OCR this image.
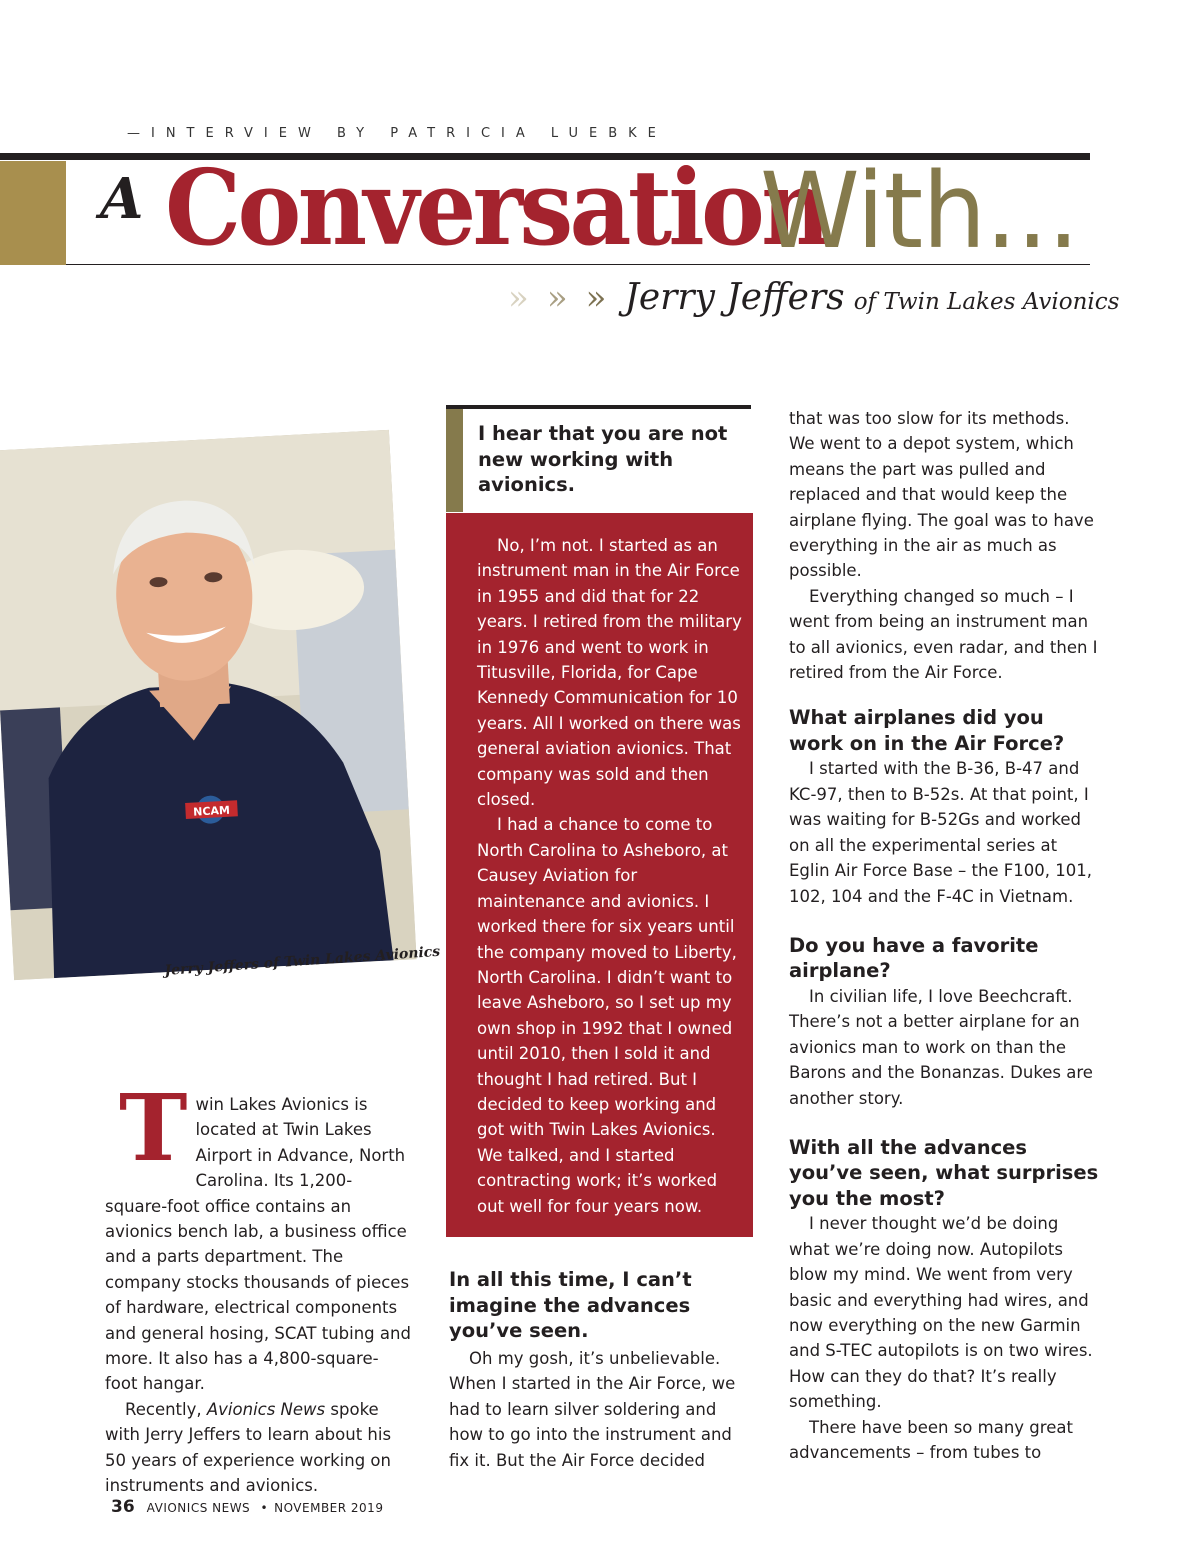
—INTERVIEW BY PATRICIA LUEBKE
A Conversation
With...
» » » Jerry Jeffers of Twin Lakes Avionics
NCAM
Jerry Jeffers of Twin Lakes Avionics

Twin Lakes Avionics is located at Twin Lakes Airport in Advance, North Carolina. Its 1,200-square-foot office contains an avionics bench lab, a business office and a parts department. The company stocks thousands of pieces of hardware, electrical components and general hosing, SCAT tubing and more. It also has a 4,800-square-foot hangar.

Recently, Avionics News spoke with Jerry Jeffers to learn about his 50 years of experience working on instruments and avionics.

I hear that you are not new working with avionics.

No, I’m not. I started as an instrument man in the Air Force in 1955 and did that for 22 years. I retired from the military in 1976 and went to work in Titusville, Florida, for Cape Kennedy Communication for 10 years. All I worked on there was general aviation avionics. That company was sold and then closed.

I had a chance to come to North Carolina to Asheboro, at Causey Aviation for maintenance and avionics. I worked there for six years until the company moved to Liberty, North Carolina. I didn’t want to leave Asheboro, so I set up my own shop in 1992 that I owned until 2010, then I sold it and thought I had retired. But I decided to keep working and got with Twin Lakes Avionics. We talked, and I started contracting work; it’s worked out well for four years now.

In all this time, I can’t imagine the advances you’ve seen.

Oh my gosh, it’s unbelievable. When I started in the Air Force, we had to learn silver soldering and how to go into the instrument and fix it. But the Air Force decided

that was too slow for its methods. We went to a depot system, which means the part was pulled and replaced and that would keep the airplane flying. The goal was to have everything in the air as much as possible.

Everything changed so much – I went from being an instrument man to all avionics, even radar, and then I retired from the Air Force.

What airplanes did you work on in the Air Force?

I started with the B-36, B-47 and KC-97, then to B-52s. At that point, I was waiting for B-52Gs and worked on all the experimental series at Eglin Air Force Base – the F100, 101, 102, 104 and the F-4C in Vietnam.

Do you have a favorite airplane?

In civilian life, I love Beechcraft. There’s not a better airplane for an avionics man to work on than the Barons and the Bonanzas. Dukes are another story.

With all the advances you’ve seen, what surprises you the most?

I never thought we’d be doing what we’re doing now. Autopilots blow my mind. We went from very basic and everything had wires, and now everything on the new Garmin and S-TEC autopilots is on two wires. How can they do that? It’s really something.

There have been so many great advancements – from tubes to

36 AVIONICS NEWS • NOVEMBER 2019
